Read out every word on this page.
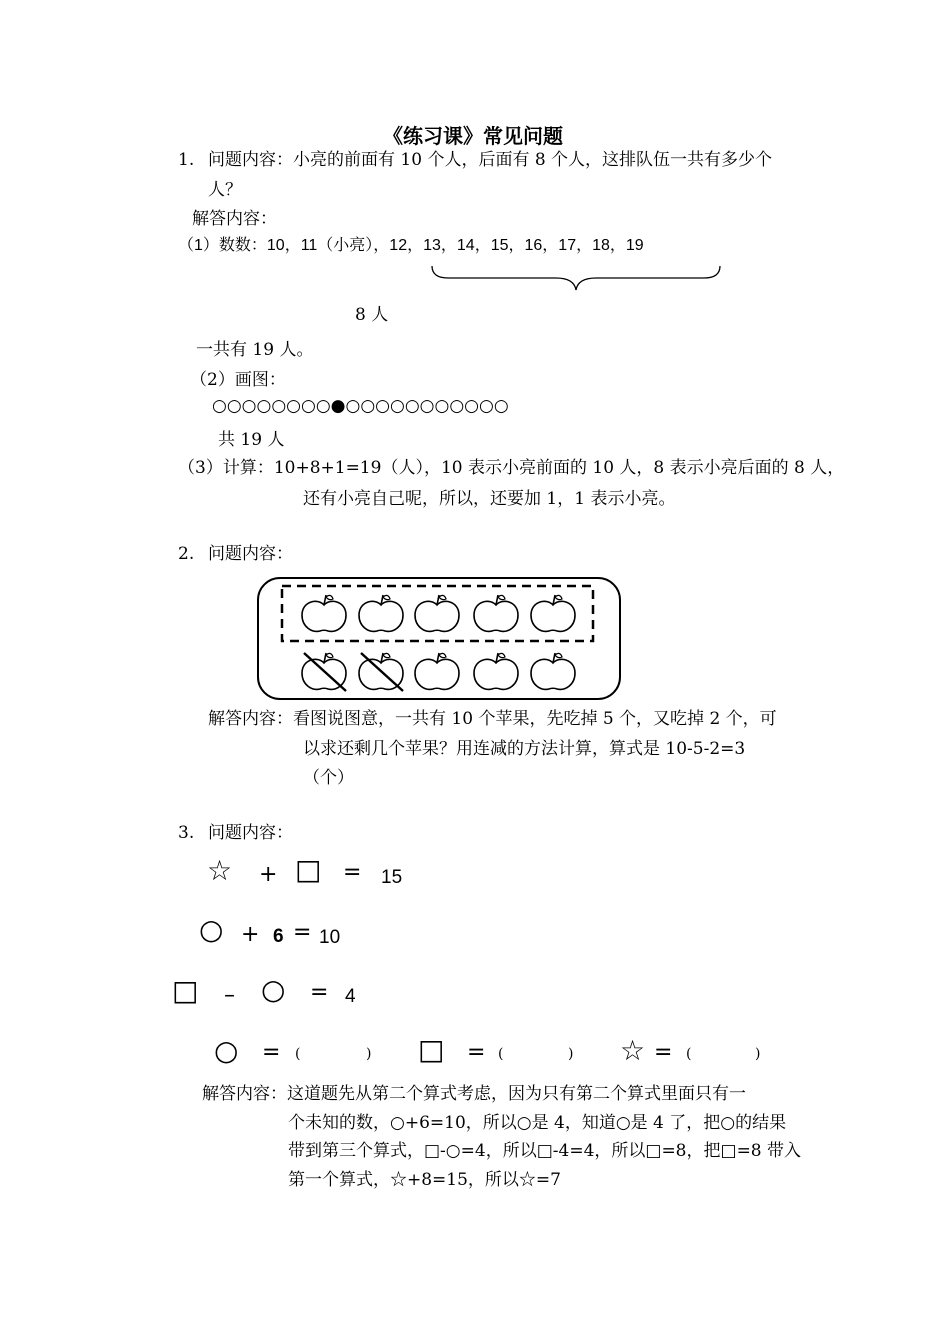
《练习课》常见问题
1. 问题内容：小亮的前面有 10 个人，后面有 8 个人，这排队伍一共有多少个
人？
解答内容：
（1）数数：10，11（小亮），12，13，14，15，16，17，18，19
8 人
一共有 19 人。
（2）画图：
○○○○○○○○●○○○○○○○○○○○
共 19 人
（3）计算：10+8+1=19（人），10 表示小亮前面的 10 人，8 表示小亮后面的 8 人，
还有小亮自己呢，所以，还要加 1，1 表示小亮。
2. 问题内容：
解答内容：看图说图意，一共有 10 个苹果，先吃掉 5 个，又吃掉 2 个，可
以求还剩几个苹果？用连减的方法计算，算式是 10-5-2=3
（个）
3. 问题内容：
☆ + □ = 15
○ + 6 = 10
□ – ○ = 4
○ = (	) □ = (	) ☆ = (	)
解答内容：这道题先从第二个算式考虑，因为只有第二个算式里面只有一
个未知的数，○+6=10，所以○是 4，知道○是 4 了，把○的结果
带到第三个算式，□-○=4，所以□-4=4，所以□=8，把□=8 带入
第一个算式，☆+8=15，所以☆=7
